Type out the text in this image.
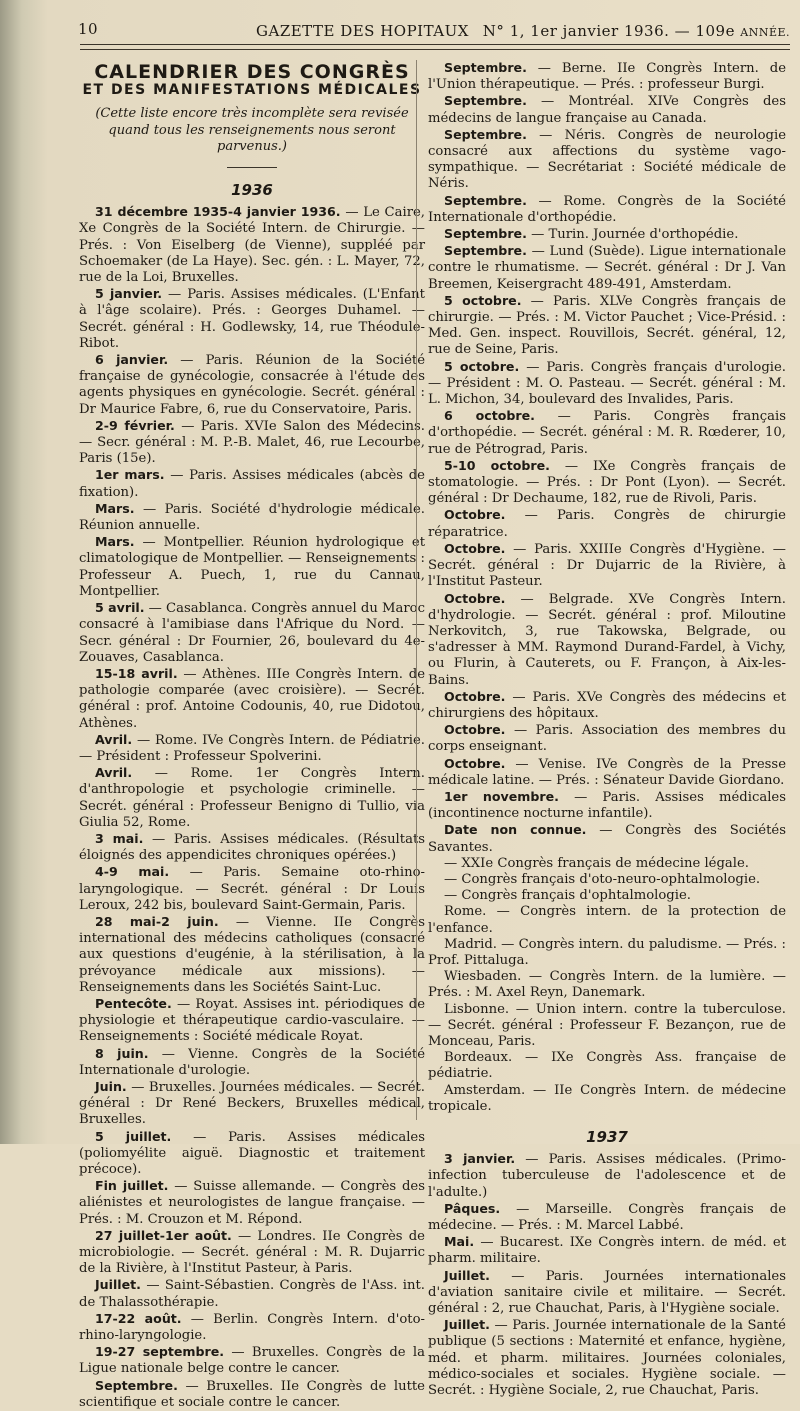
10	GAZETTE DES HOPITAUX N° 1, 1er janvier 1936. — 109e ANNÉE.
CALENDRIER DES CONGRÈS
ET DES MANIFESTATIONS MÉDICALES

(Cette liste encore très incomplète sera revisée quand tous les renseignements nous seront parvenus.)

1936

31 décembre 1935-4 janvier 1936. — Le Caire, Xe Congrès de la Société Intern. de Chirurgie. — Prés. : Von Eiselberg (de Vienne), suppléé par Schoemaker (de La Haye). Sec. gén. : L. Mayer, 72, rue de la Loi, Bruxelles.

5 janvier. — Paris. Assises médicales. (L'Enfant à l'âge scolaire). Prés. : Georges Duhamel. — Secrét. général : H. Godlewsky, 14, rue Théodule-Ribot.

6 janvier. — Paris. Réunion de la Société française de gynécologie, consacrée à l'étude des agents physiques en gynécologie. Secrét. général : Dr Maurice Fabre, 6, rue du Conservatoire, Paris.

2-9 février. — Paris. XVIe Salon des Médecins. — Secr. général : M. P.-B. Malet, 46, rue Lecourbe, Paris (15e).

1er mars. — Paris. Assises médicales (abcès de fixation).

Mars. — Paris. Société d'hydrologie médicale. Réunion annuelle.

Mars. — Montpellier. Réunion hydrologique et climatologique de Montpellier. — Renseignements : Professeur A. Puech, 1, rue du Cannau, Montpellier.

5 avril. — Casablanca. Congrès annuel du Maroc consacré à l'amibiase dans l'Afrique du Nord. — Secr. général : Dr Fournier, 26, boulevard du 4e-Zouaves, Casablanca.

15-18 avril. — Athènes. IIIe Congrès Intern. de pathologie comparée (avec croisière). — Secrét. général : prof. Antoine Codounis, 40, rue Didotou, Athènes.

Avril. — Rome. IVe Congrès Intern. de Pédiatrie. — Président : Professeur Spolverini.

Avril. — Rome. 1er Congrès Intern. d'anthropologie et psychologie criminelle. — Secrét. général : Professeur Benigno di Tullio, via Giulia 52, Rome.

3 mai. — Paris. Assises médicales. (Résultats éloignés des appendicites chroniques opérées.)

4-9 mai. — Paris. Semaine oto-rhino-laryngologique. — Secrét. général : Dr Louis Leroux, 242 bis, boulevard Saint-Germain, Paris.

28 mai-2 juin. — Vienne. IIe Congrès international des médecins catholiques (consacré aux questions d'eugénie, à la stérilisation, à la prévoyance médicale aux missions). — Renseignements dans les Sociétés Saint-Luc.

Pentecôte. — Royat. Assises int. périodiques de physiologie et thérapeutique cardio-vasculaire. — Renseignements : Société médicale Royat.

8 juin. — Vienne. Congrès de la Société Internationale d'urologie.

Juin. — Bruxelles. Journées médicales. — Secrét. général : Dr René Beckers, Bruxelles médical, Bruxelles.

5 juillet. — Paris. Assises médicales (poliomyélite aiguë. Diagnostic et traitement précoce).

Fin juillet. — Suisse allemande. — Congrès des aliénistes et neurologistes de langue française. — Prés. : M. Crouzon et M. Répond.

27 juillet-1er août. — Londres. IIe Congrès de microbiologie. — Secrét. général : M. R. Dujarric de la Rivière, à l'Institut Pasteur, à Paris.

Juillet. — Saint-Sébastien. Congrès de l'Ass. int. de Thalassothérapie.

17-22 août. — Berlin. Congrès Intern. d'oto-rhino-laryngologie.

19-27 septembre. — Bruxelles. Congrès de la Ligue nationale belge contre le cancer.

Septembre. — Bruxelles. IIe Congrès de lutte scientifique et sociale contre le cancer.

Septembre. — Berne. IIe Congrès Intern. de l'Union thérapeutique. — Prés. : professeur Burgi.

Septembre. — Montréal. XIVe Congrès des médecins de langue française au Canada.

Septembre. — Néris. Congrès de neurologie consacré aux affections du système vago-sympathique. — Secrétariat : Société médicale de Néris.

Septembre. — Rome. Congrès de la Société Internationale d'orthopédie.

Septembre. — Turin. Journée d'orthopédie.

Septembre. — Lund (Suède). Ligue internationale contre le rhumatisme. — Secrét. général : Dr J. Van Breemen, Keisergracht 489-491, Amsterdam.

5 octobre. — Paris. XLVe Congrès français de chirurgie. — Prés. : M. Victor Pauchet ; Vice-Présid. : Med. Gen. inspect. Rouvillois, Secrét. général, 12, rue de Seine, Paris.

5 octobre. — Paris. Congrès français d'urologie. — Président : M. O. Pasteau. — Secrét. général : M. L. Michon, 34, boulevard des Invalides, Paris.

6 octobre. — Paris. Congrès français d'orthopédie. — Secrét. général : M. R. Rœderer, 10, rue de Pétrograd, Paris.

5-10 octobre. — IXe Congrès français de stomatologie. — Prés. : Dr Pont (Lyon). — Secrét. général : Dr Dechaume, 182, rue de Rivoli, Paris.

Octobre. — Paris. Congrès de chirurgie réparatrice.

Octobre. — Paris. XXIIIe Congrès d'Hygiène. — Secrét. général : Dr Dujarric de la Rivière, à l'Institut Pasteur.

Octobre. — Belgrade. XVe Congrès Intern. d'hydrologie. — Secrét. général : prof. Miloutine Nerkovitch, 3, rue Takowska, Belgrade, ou s'adresser à MM. Raymond Durand-Fardel, à Vichy, ou Flurin, à Cauterets, ou F. Françon, à Aix-les-Bains.

Octobre. — Paris. XVe Congrès des médecins et chirurgiens des hôpitaux.

Octobre. — Paris. Association des membres du corps enseignant.

Octobre. — Venise. IVe Congrès de la Presse médicale latine. — Prés. : Sénateur Davide Giordano.

1er novembre. — Paris. Assises médicales (incontinence nocturne infantile).

Date non connue. — Congrès des Sociétés Savantes.

— XXIe Congrès français de médecine légale.

— Congrès français d'oto-neuro-ophtalmologie.

— Congrès français d'ophtalmologie.

Rome. — Congrès intern. de la protection de l'enfance.

Madrid. — Congrès intern. du paludisme. — Prés. : Prof. Pittaluga.

Wiesbaden. — Congrès Intern. de la lumière. — Prés. : M. Axel Reyn, Danemark.

Lisbonne. — Union intern. contre la tuberculose. — Secrét. général : Professeur F. Bezançon, rue de Monceau, Paris.

Bordeaux. — IXe Congrès Ass. française de pédiatrie.

Amsterdam. — IIe Congrès Intern. de médecine tropicale.

1937

3 janvier. — Paris. Assises médicales. (Primo-infection tuberculeuse de l'adolescence et de l'adulte.)

Pâques. — Marseille. Congrès français de médecine. — Prés. : M. Marcel Labbé.

Mai. — Bucarest. IXe Congrès intern. de méd. et pharm. militaire.

Juillet. — Paris. Journées internationales d'aviation sanitaire civile et militaire. — Secrét. général : 2, rue Chauchat, Paris, à l'Hygiène sociale.

Juillet. — Paris. Journée internationale de la Santé publique (5 sections : Maternité et enfance, hygiène, méd. et pharm. militaires. Journées coloniales, médico-sociales et sociales. Hygiène sociale. — Secrét. : Hygiène Sociale, 2, rue Chauchat, Paris.
